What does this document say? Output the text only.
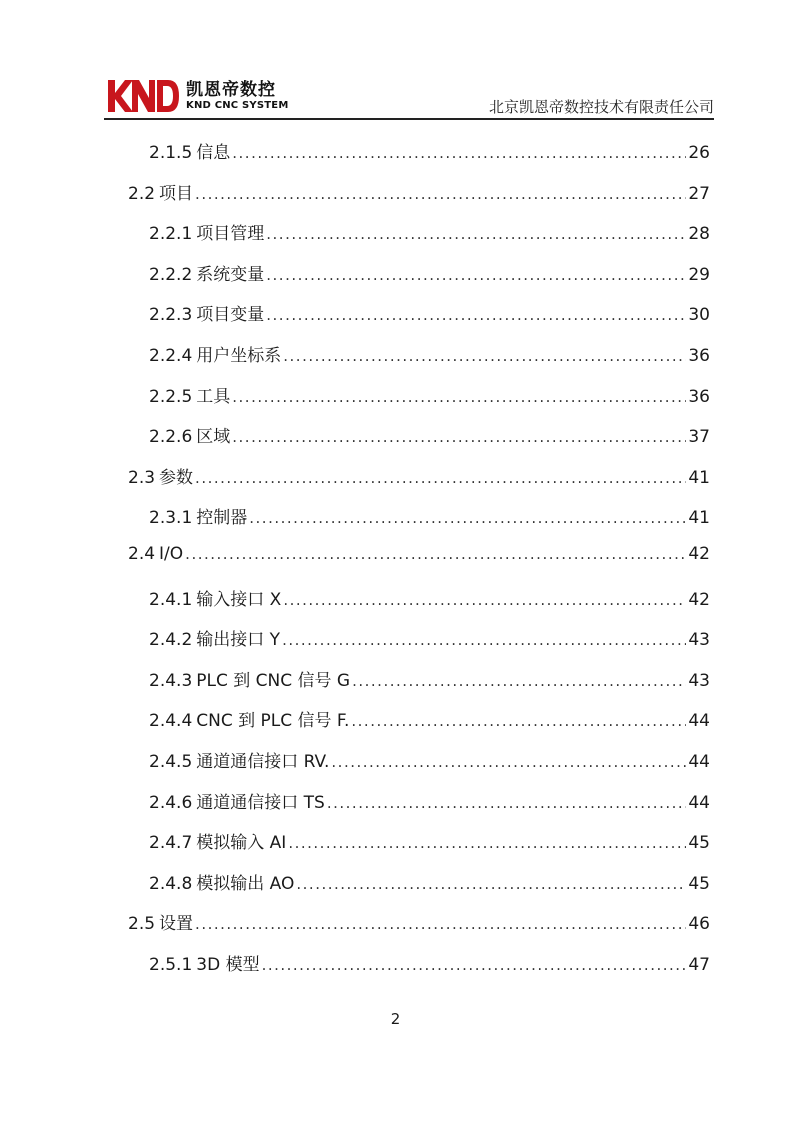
凯恩帝数控
KND CNC SYSTEM	北京凯恩帝数控技术有限责任公司
2.1.5 信息 .....	26
2.2 项目 .....	27
2.2.1 项目管理 .....	28
2.2.2 系统变量 .....	29
2.2.3 项目变量 .....	30
2.2.4 用户坐标系 .....	36
2.2.5 工具 .....	36
2.2.6 区域 .....	37
2.3 参数 .....	41
2.3.1 控制器 .....	41
2.4 I/O .....	42
2.4.1 输入接口 X .....	42
2.4.2 输出接口 Y .....	43
2.4.3 PLC 到 CNC 信号 G .....	43
2.4.4 CNC 到 PLC 信号 F. .....	44
2.4.5 通道通信接口 RV. .....	44
2.4.6 通道通信接口 TS .....	44
2.4.7 模拟输入 AI .....	45
2.4.8 模拟输出 AO .....	45
2.5 设置 .....	46
2.5.1 3D 模型 .....	47
2
